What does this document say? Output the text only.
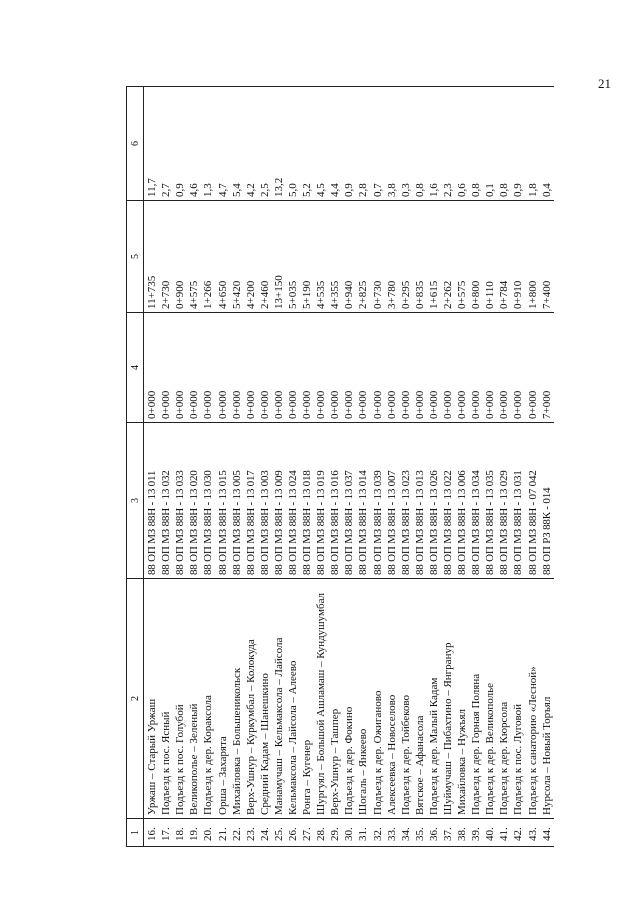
21
1	2	3	4	5	6
16.	Уржаш – Старый Уржаш	88 ОП МЗ 88Н - 13 011	0+000	11+735	11,7
17.	Подъезд к пос. Ясный	88 ОП МЗ 88Н - 13 032	0+000	2+730	2,7
18.	Подъезд к пос. Голубой	88 ОП МЗ 88Н - 13 033	0+000	0+900	0,9
19.	Великополье – Зеленый	88 ОП МЗ 88Н - 13 020	0+000	4+575	4,6
20.	Подъезд к дер. Кораксола	88 ОП МЗ 88Н - 13 030	0+000	1+266	1,3
21.	Орша – Захарята	88 ОП МЗ 88Н - 13 015	0+000	4+650	4,7
22.	Михайловка – Большеникольск	88 ОП МЗ 88Н - 13 005	0+000	5+420	5,4
23.	Верх-Ушнур – Куркумбал – Колокуда	88 ОП МЗ 88Н - 13 017	0+000	4+200	4,2
24.	Средний Кадам – Шанешкино	88 ОП МЗ 88Н - 13 003	0+000	2+460	2,5
25.	Манамучаш – Кельмаксола – Лайсола	88 ОП МЗ 88Н - 13 009	0+000	13+150	13,2
26.	Кельмаксола – Лайсола – Алеево	88 ОП МЗ 88Н - 13 024	0+000	5+035	5,0
27.	Ронга – Кугенер	88 ОП МЗ 88Н - 13 018	0+000	5+190	5,2
28.	Шургуял – Большой Ашламаш – Кундушумбал	88 ОП МЗ 88Н - 13 019	0+000	4+535	4,5
29.	Верх-Ушнур – Ташпер	88 ОП МЗ 88Н - 13 016	0+000	4+355	4,4
30.	Подъезд к дер. Фокино	88 ОП МЗ 88Н - 13 037	0+000	0+940	0,9
31.	Шогаль – Янкеево	88 ОП МЗ 88Н - 13 014	0+000	2+825	2,8
32.	Подъезд к дер. Ожиганово	88 ОП МЗ 88Н - 13 039	0+000	0+730	0,7
33.	Алексеевка – Новоселово	88 ОП МЗ 88Н - 13 007	0+000	3+780	3,8
34.	Подъезд к дер. Тойбеково	88 ОП МЗ 88Н - 13 023	0+000	0+295	0,3
35.	Вятское – Афанасола	88 ОП МЗ 88Н - 13 013	0+000	0+835	0,8
36.	Подъезд к дер. Малый Кадам	88 ОП МЗ 88Н - 13 026	0+000	1+615	1,6
37.	Шуймучаш – Пибахтино – Янгранур	88 ОП МЗ 88Н - 13 022	0+000	2+262	2,3
38.	Михайловка – Нужъял	88 ОП МЗ 88Н - 13 006	0+000	0+575	0,6
39.	Подъезд к дер. Горная Поляна	88 ОП МЗ 88Н - 13 034	0+000	0+800	0,8
40.	Подъезд к дер. Великополье	88 ОП МЗ 88Н - 13 035	0+000	0+110	0,1
41.	Подъезд к дер. Кюрсола	88 ОП МЗ 88Н - 13 029	0+000	0+784	0,8
42.	Подъезд к пос. Луговой	88 ОП МЗ 88Н - 13 031	0+000	0+910	0,9
43.	Подъезд к санаторию «Лесной»	88 ОП МЗ 88Н - 07 042	0+000	1+800	1,8
44.	Нурсола – Новый Торъял	88 ОП РЗ 88К - 014	7+000	7+400	0,4
